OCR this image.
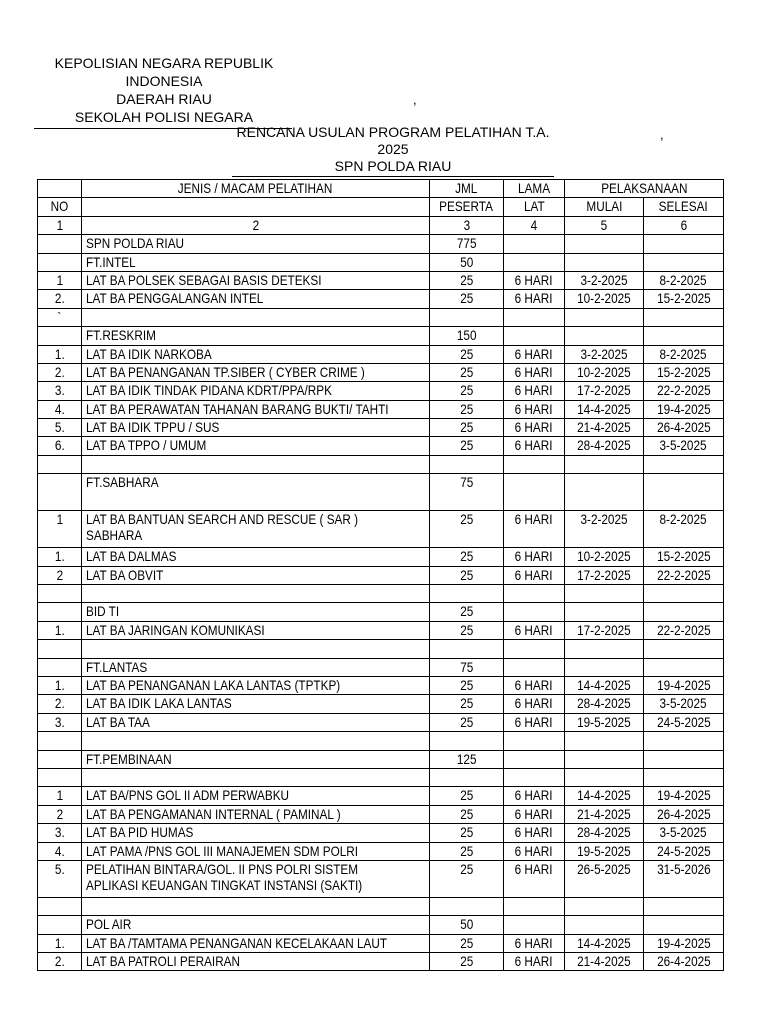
KEPOLISIAN NEGARA REPUBLIK INDONESIA
DAERAH RIAU
SEKOLAH POLISI NEGARA
,
,
RENCANA USULAN PROGRAM PELATIHAN T.A. 2025
SPN POLDA RIAU
	JENIS / MACAM PELATIHAN	JML	LAMA	PELAKSANAAN	
NO		PESERTA	LAT	MULAI	SELESAI
1	2	3	4	5	6
	SPN POLDA RIAU	775			
	FT.INTEL	50			
1	LAT BA POLSEK SEBAGAI BASIS DETEKSI	25	6 HARI	3-2-2025	8-2-2025
2.	LAT BA PENGGALANGAN INTEL	25	6 HARI	10-2-2025	15-2-2025
`					
	FT.RESKRIM	150			
1.	LAT BA IDIK NARKOBA	25	6 HARI	3-2-2025	8-2-2025
2.	LAT BA PENANGANAN TP.SIBER ( CYBER CRIME )	25	6 HARI	10-2-2025	15-2-2025
3.	LAT BA IDIK TINDAK PIDANA KDRT/PPA/RPK	25	6 HARI	17-2-2025	22-2-2025
4.	LAT BA PERAWATAN TAHANAN BARANG BUKTI/ TAHTI	25	6 HARI	14-4-2025	19-4-2025
5.	LAT BA IDIK TPPU / SUS	25	6 HARI	21-4-2025	26-4-2025
6.	LAT BA TPPO / UMUM	25	6 HARI	28-4-2025	3-5-2025

	FT.SABHARA	75			
1	LAT BA BANTUAN SEARCH AND RESCUE ( SAR )
SABHARA	25	6 HARI	3-2-2025	8-2-2025
1.	LAT BA DALMAS	25	6 HARI	10-2-2025	15-2-2025
2	LAT BA OBVIT	25	6 HARI	17-2-2025	22-2-2025

	BID TI	25			
1.	LAT BA JARINGAN KOMUNIKASI	25	6 HARI	17-2-2025	22-2-2025

	FT.LANTAS	75			
1.	LAT BA PENANGANAN LAKA LANTAS (TPTKP)	25	6 HARI	14-4-2025	19-4-2025
2.	LAT BA IDIK LAKA LANTAS	25	6 HARI	28-4-2025	3-5-2025
3.	LAT BA TAA	25	6 HARI	19-5-2025	24-5-2025

	FT.PEMBINAAN	125			

1	LAT BA/PNS GOL II ADM PERWABKU	25	6 HARI	14-4-2025	19-4-2025
2	LAT BA PENGAMANAN INTERNAL ( PAMINAL )	25	6 HARI	21-4-2025	26-4-2025
3.	LAT BA PID HUMAS	25	6 HARI	28-4-2025	3-5-2025
4.	LAT PAMA /PNS GOL III MANAJEMEN SDM POLRI	25	6 HARI	19-5-2025	24-5-2025
5.	PELATIHAN BINTARA/GOL. II PNS POLRI SISTEM
APLIKASI KEUANGAN TINGKAT INSTANSI (SAKTI)	25	6 HARI	26-5-2025	31-5-2026

	POL AIR	50			
1.	LAT BA /TAMTAMA PENANGANAN KECELAKAAN LAUT	25	6 HARI	14-4-2025	19-4-2025
2.	LAT BA PATROLI PERAIRAN	25	6 HARI	21-4-2025	26-4-2025
